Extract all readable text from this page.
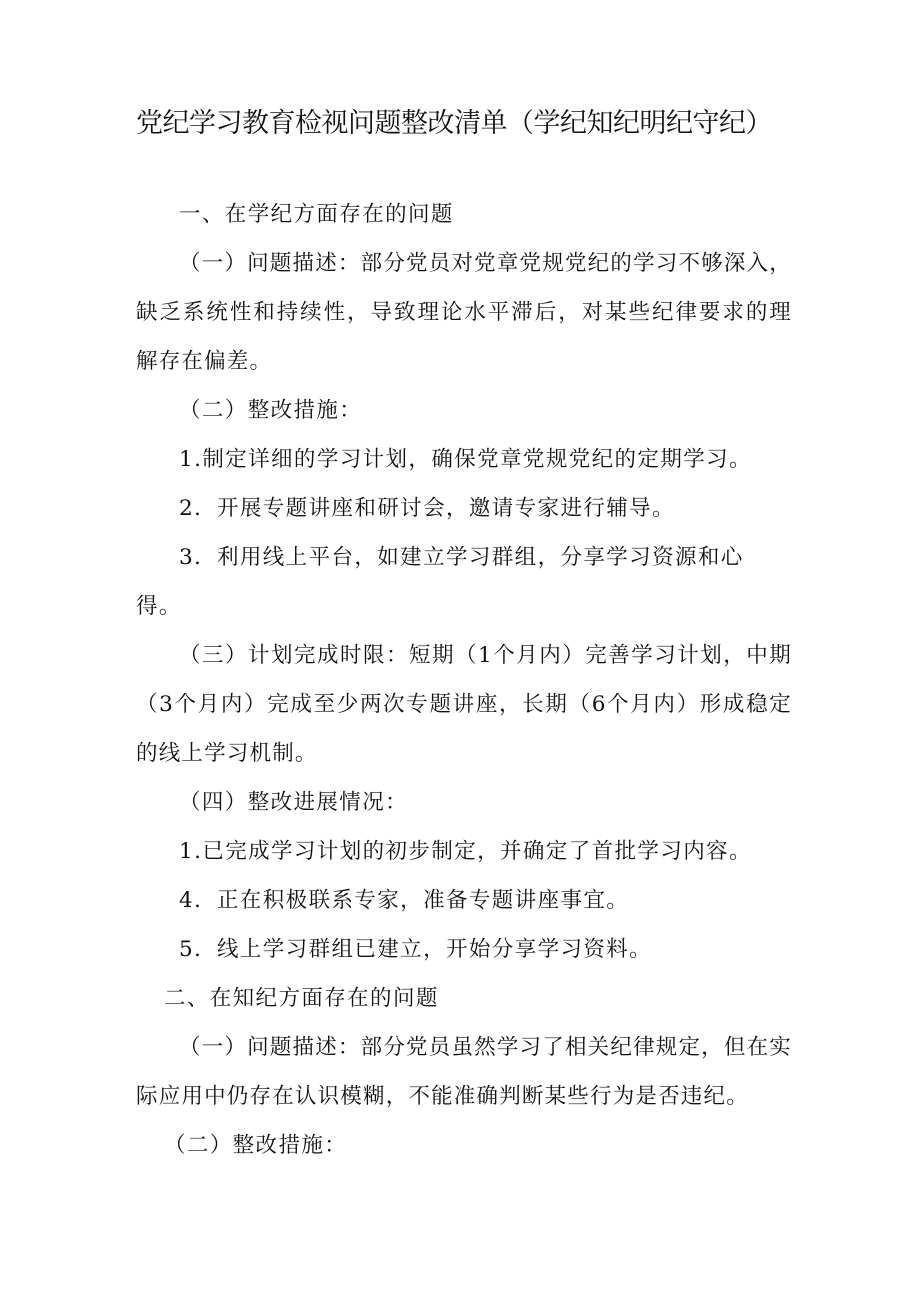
党纪学习教育检视问题整改清单（学纪知纪明纪守纪）

一、在学纪方面存在的问题

（一）问题描述：部分党员对党章党规党纪的学习不够深入，缺乏系统性和持续性，导致理论水平滞后，对某些纪律要求的理解存在偏差。

（二）整改措施：

1.制定详细的学习计划，确保党章党规党纪的定期学习。

2．开展专题讲座和研讨会，邀请专家进行辅导。

3．利用线上平台，如建立学习群组，分享学习资源和心得。

（三）计划完成时限：短期（1个月内）完善学习计划，中期（3个月内）完成至少两次专题讲座，长期（6个月内）形成稳定的线上学习机制。

（四）整改进展情况：

1.已完成学习计划的初步制定，并确定了首批学习内容。

4．正在积极联系专家，准备专题讲座事宜。

5．线上学习群组已建立，开始分享学习资料。

二、在知纪方面存在的问题

（一）问题描述：部分党员虽然学习了相关纪律规定，但在实际应用中仍存在认识模糊，不能准确判断某些行为是否违纪。

（二）整改措施：
